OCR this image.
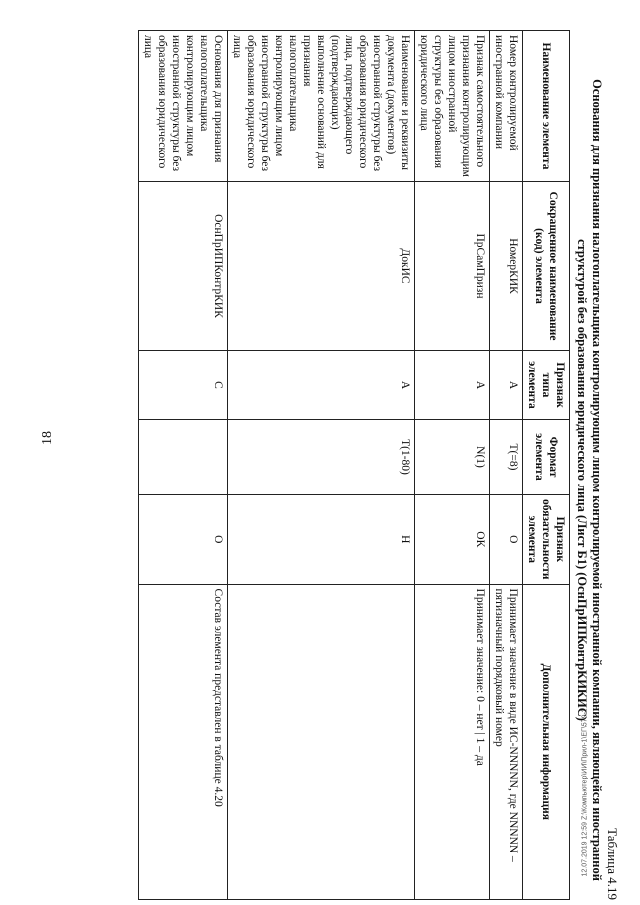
18
12.07.2019 12:59 Z:\Компьютер\ИИ\Прил-1\ЕГ\579-2 Таблица 4.19
Основания для признания налогоплательщика контролирующим лицом контролируемой иностранной компании, являющейся иностранной структурой без образования юридического лица (Лист Б1) (ОснПрИПКонтрКИКИС)
Наименование элемента	Сокращенное наименование (код) элемента	Признак типа элемента	Формат элемента	Признак обязательности элемента	Дополнительная информация
Номер контролируемой иностранной компании	НомерКИК	А	T(=8)	О	Принимает значение в виде ИС-NNNNN, где NNNNN – пятизначный порядковый номер
Признак самостоятельного признания контролирующим лицом иностранной структуры без образования юридического лица	ПрСамПризн	А	N(1)	ОК	Принимает значение: 0 – нет | 1 – да
Наименование и реквизиты документа (документов) иностранной структуры без образования юридического лица, подтверждающего (подтверждающих) выполнение оснований для признания налогоплательщика контролирующим лицом иностранной структуры без образования юридического лица	ДокИС	А	T(1-80)	Н	
Основания для признания налогоплательщика контролирующим лицом иностранной структуры без образования юридического лица	ОснПрИПКонтрКИК	С		О	Состав элемента представлен в таблице 4.20
